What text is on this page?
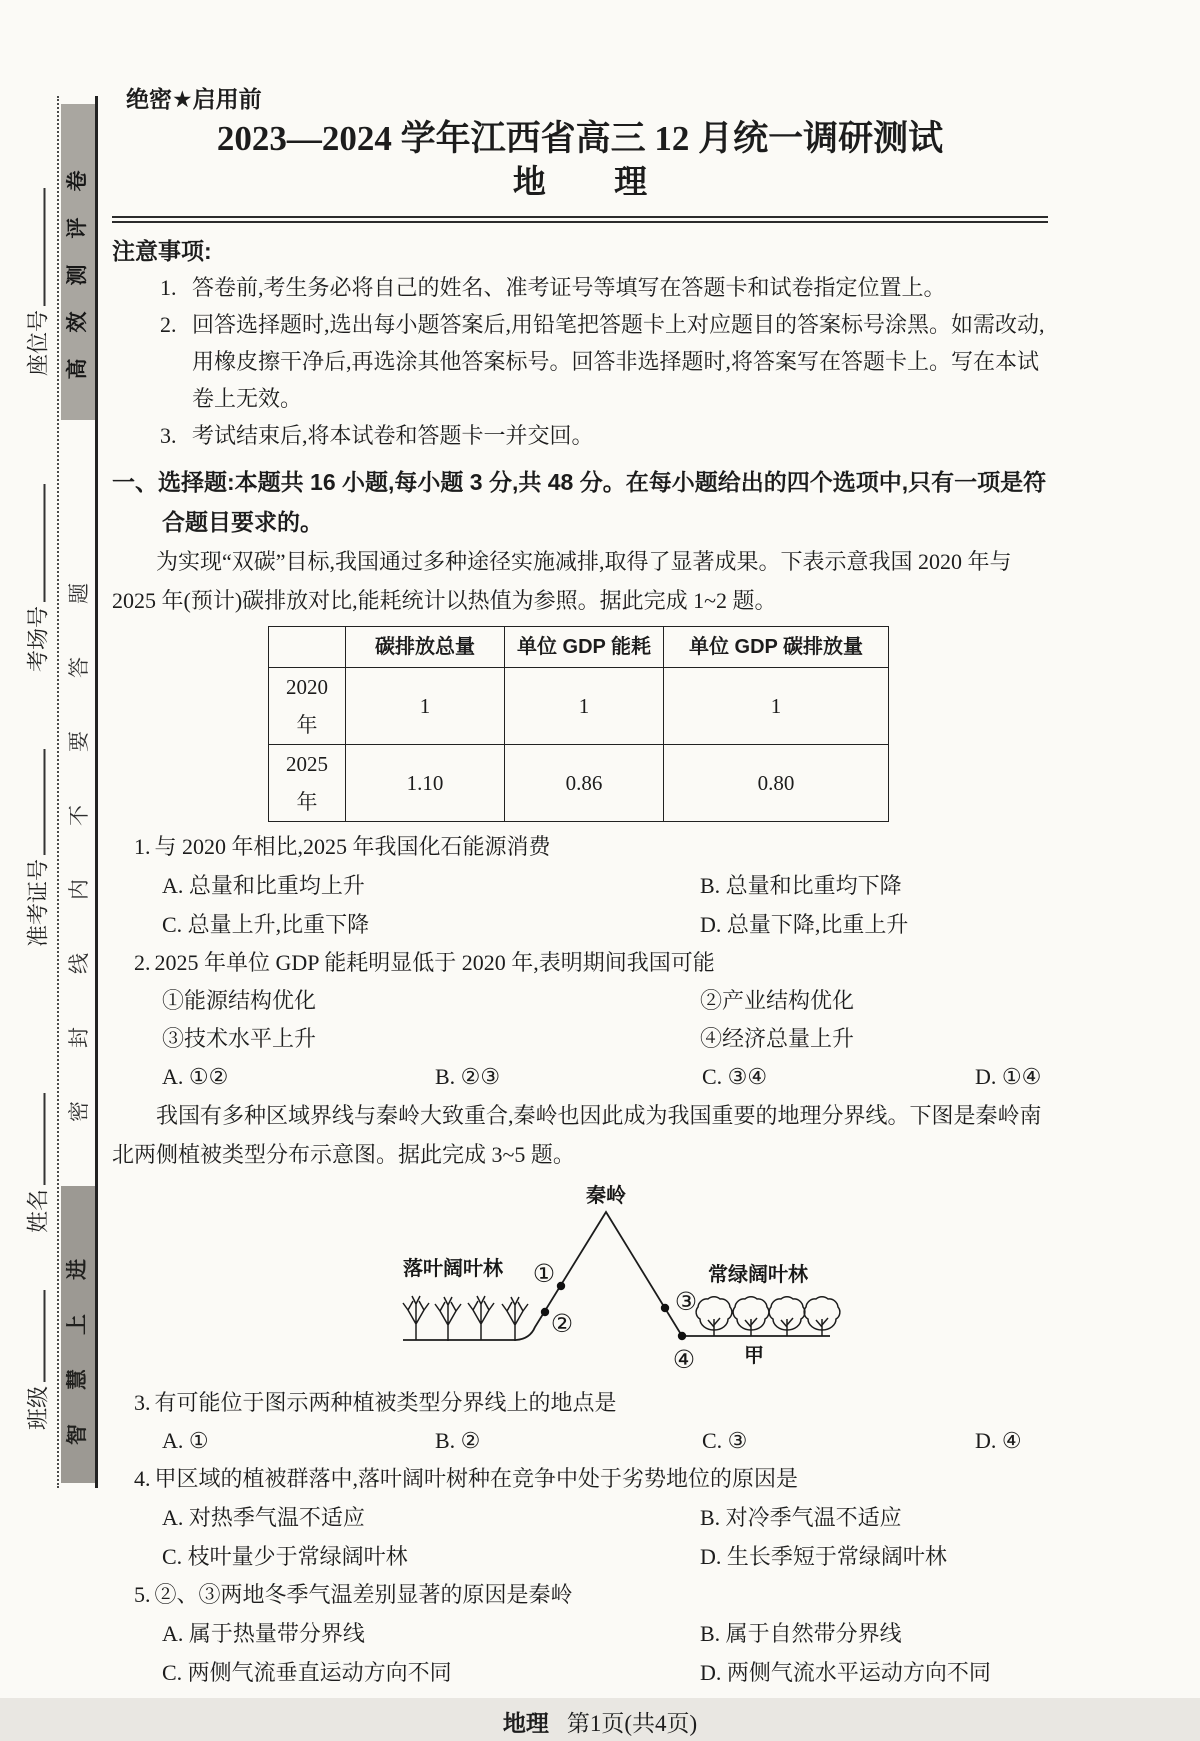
高效测评卷
智慧上进
密封线内不要答题
座位号
考场号
准考证号
姓名
班级
绝密★启用前
2023—2024 学年江西省高三 12 月统一调研测试
地 理
注意事项:
1. 答卷前,考生务必将自己的姓名、准考证号等填写在答题卡和试卷指定位置上。
2. 回答选择题时,选出每小题答案后,用铅笔把答题卡上对应题目的答案标号涂黑。如需改动,用橡皮擦干净后,再选涂其他答案标号。回答非选择题时,将答案写在答题卡上。写在本试卷上无效。
3. 考试结束后,将本试卷和答题卡一并交回。
一、选择题:本题共 16 小题,每小题 3 分,共 48 分。在每小题给出的四个选项中,只有一项是符合题目要求的。

为实现“双碳”目标,我国通过多种途径实施减排,取得了显著成果。下表示意我国 2020 年与 2025 年(预计)碳排放对比,能耗统计以热值为参照。据此完成 1~2 题。

	碳排放总量	单位 GDP 能耗	单位 GDP 碳排放量
2020 年	1	1	1
2025 年	1.10	0.86	0.80
1. 与 2020 年相比,2025 年我国化石能源消费
A. 总量和比重均上升	B. 总量和比重均下降
C. 总量上升,比重下降	D. 总量下降,比重上升
2. 2025 年单位 GDP 能耗明显低于 2020 年,表明期间我国可能
①能源结构优化	②产业结构优化
③技术水平上升	④经济总量上升
A. ①②	B. ②③	C. ③④	D. ①④

我国有多种区域界线与秦岭大致重合,秦岭也因此成为我国重要的地理分界线。下图是秦岭南北两侧植被类型分布示意图。据此完成 3~5 题。

秦岭
落叶阔叶林	常绿阔叶林
①
②
③
④ 甲
3. 有可能位于图示两种植被类型分界线上的地点是
A. ①	B. ②	C. ③	D. ④
4. 甲区域的植被群落中,落叶阔叶树种在竞争中处于劣势地位的原因是
A. 对热季气温不适应	B. 对冷季气温不适应
C. 枝叶量少于常绿阔叶林	D. 生长季短于常绿阔叶林
5. ②、③两地冬季气温差别显著的原因是秦岭
A. 属于热量带分界线	B. 属于自然带分界线
C. 两侧气流垂直运动方向不同	D. 两侧气流水平运动方向不同
地理 第1页(共4页)
